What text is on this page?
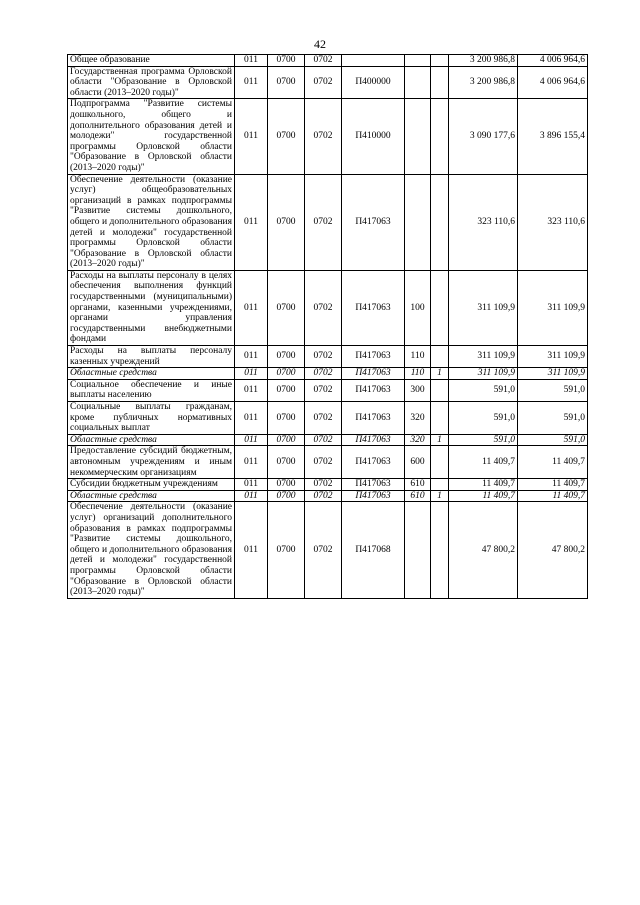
42
Общее образование	011	0700	0702				3 200 986,8	4 006 964,6
Государственная программа Орловской области "Образование в Орловской области (2013–2020 годы)"	011	0700	0702	П400000			3 200 986,8	4 006 964,6
Подпрограмма "Развитие системы дошкольного, общего и дополнительного образования детей и молодежи" государственной программы Орловской области "Образование в Орловской области (2013–2020 годы)"	011	0700	0702	П410000			3 090 177,6	3 896 155,4
Обеспечение деятельности (оказание услуг) общеобразовательных организаций в рамках подпрограммы "Развитие системы дошкольного, общего и дополнительного образования детей и молодежи" государственной программы Орловской области "Образование в Орловской области (2013–2020 годы)"	011	0700	0702	П417063			323 110,6	323 110,6
Расходы на выплаты персоналу в целях обеспечения выполнения функций государственными (муниципальными) органами, казенными учреждениями, органами управления государственными внебюджетными фондами	011	0700	0702	П417063	100		311 109,9	311 109,9
Расходы на выплаты персоналу казенных учреждений	011	0700	0702	П417063	110		311 109,9	311 109,9
Областные средства	011	0700	0702	П417063	110	1	311 109,9	311 109,9
Социальное обеспечение и иные выплаты населению	011	0700	0702	П417063	300		591,0	591,0
Социальные выплаты гражданам, кроме публичных нормативных социальных выплат	011	0700	0702	П417063	320		591,0	591,0
Областные средства	011	0700	0702	П417063	320	1	591,0	591,0
Предоставление субсидий бюджетным, автономным учреждениям и иным некоммерческим организациям	011	0700	0702	П417063	600		11 409,7	11 409,7
Субсидии бюджетным учреждениям	011	0700	0702	П417063	610		11 409,7	11 409,7
Областные средства	011	0700	0702	П417063	610	1	11 409,7	11 409,7
Обеспечение деятельности (оказание услуг) организаций дополнительного образования в рамках подпрограммы "Развитие системы дошкольного, общего и дополнительного образования детей и молодежи" государственной программы Орловской области "Образование в Орловской области (2013–2020 годы)"	011	0700	0702	П417068			47 800,2	47 800,2
